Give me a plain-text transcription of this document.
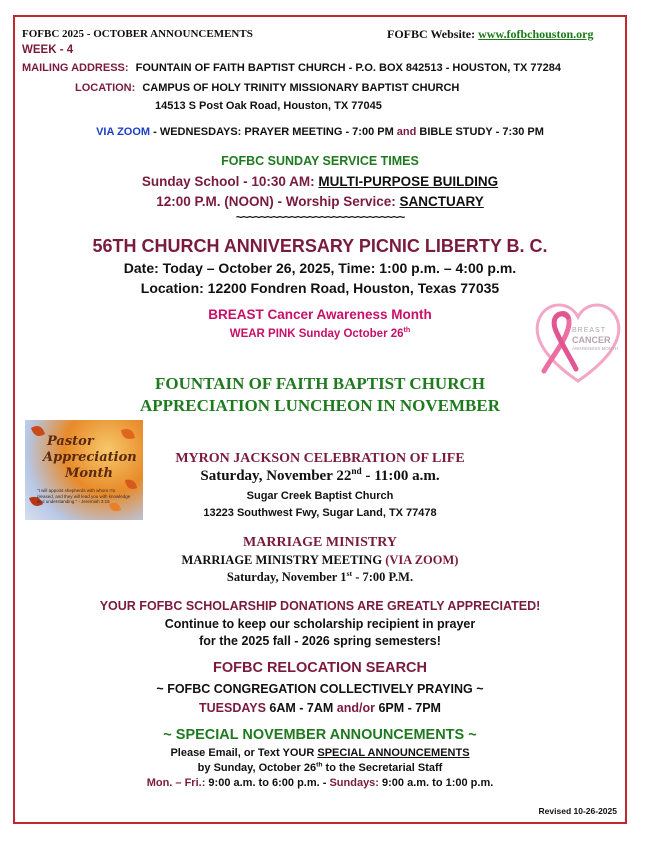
FOFBC 2025 - OCTOBER ANNOUNCEMENTS	FOFBC Website: www.fofbchouston.org
WEEK - 4
MAILING ADDRESS: FOUNTAIN OF FAITH BAPTIST CHURCH - P.O. BOX 842513 - HOUSTON, TX 77284
LOCATION: CAMPUS OF HOLY TRINITY MISSIONARY BAPTIST CHURCH
14513 S Post Oak Road, Houston, TX 77045
VIA ZOOM - WEDNESDAYS: PRAYER MEETING - 7:00 PM and BIBLE STUDY - 7:30 PM
FOFBC SUNDAY SERVICE TIMES
Sunday School - 10:30 AM: MULTI-PURPOSE BUILDING
12:00 P.M. (NOON) - Worship Service: SANCTUARY
~~~~~~~~~~~~~~~~~~~~~~~~~~~~
56TH CHURCH ANNIVERSARY PICNIC LIBERTY B. C.
Date: Today – October 26, 2025, Time: 1:00 p.m. – 4:00 p.m.
Location: 12200 Fondren Road, Houston, Texas 77035
BREAST Cancer Awareness Month
WEAR PINK Sunday October 26th	BREAST
CANCER
AWARENESS MONTH
FOUNTAIN OF FAITH BAPTIST CHURCH
APPRECIATION LUNCHEON IN NOVEMBER
Pastor
Appreciation
Month
"I will appoint shepherds with whom I'm pleased, and they will lead you with knowledge and understanding." - Jeremiah 3:15
MYRON JACKSON CELEBRATION OF LIFE
Saturday, November 22nd - 11:00 a.m.
Sugar Creek Baptist Church
13223 Southwest Fwy, Sugar Land, TX 77478
MARRIAGE MINISTRY
MARRIAGE MINISTRY MEETING (VIA ZOOM)
Saturday, November 1st - 7:00 P.M.
YOUR FOFBC SCHOLARSHIP DONATIONS ARE GREATLY APPRECIATED!
Continue to keep our scholarship recipient in prayer
for the 2025 fall - 2026 spring semesters!
FOFBC RELOCATION SEARCH
~ FOFBC CONGREGATION COLLECTIVELY PRAYING ~
TUESDAYS 6AM - 7AM and/or 6PM - 7PM
~ SPECIAL NOVEMBER ANNOUNCEMENTS ~
Please Email, or Text YOUR SPECIAL ANNOUNCEMENTS
by Sunday, October 26th to the Secretarial Staff
Mon. – Fri.: 9:00 a.m. to 6:00 p.m. - Sundays: 9:00 a.m. to 1:00 p.m.
Revised 10-26-2025
